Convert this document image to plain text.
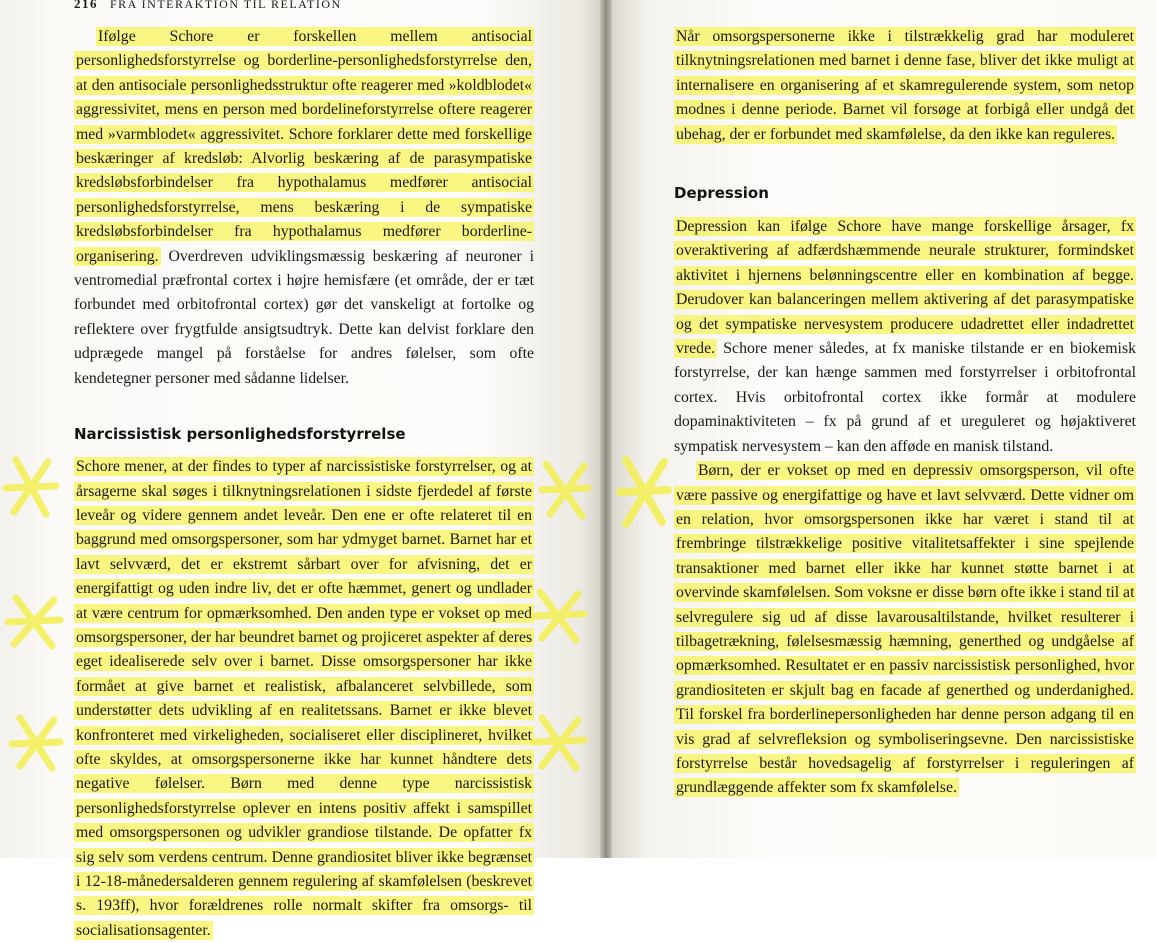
216 FRA INTERAKTION TIL RELATION

Ifølge Schore er forskellen mellem antisocial personlighedsforstyrrelse og borderline-personlighedsforstyrrelse den, at den antisociale personlighedsstruktur ofte reagerer med »koldblodet« aggressivitet, mens en person med bordelineforstyrrelse oftere reagerer med »varmblodet« aggressivitet. Schore forklarer dette med forskellige beskæringer af kredsløb: Alvorlig beskæring af de parasympatiske kredsløbsforbindelser fra hypothalamus medfører antisocial personlighedsforstyrrelse, mens beskæring i de sympatiske kredsløbsforbindelser fra hypothalamus medfører borderline-organisering. Overdreven udviklingsmæssig beskæring af neuroner i ventromedial præfrontal cortex i højre hemisfære (et område, der er tæt forbundet med orbitofrontal cortex) gør det vanskeligt at fortolke og reflektere over frygtfulde ansigtsudtryk. Dette kan delvist forklare den udprægede mangel på forståelse for andres følelser, som ofte kendetegner personer med sådanne lidelser.

Narcissistisk personlighedsforstyrrelse

Schore mener, at der findes to typer af narcissistiske forstyrrelser, og at årsagerne skal søges i tilknytningsrelationen i sidste fjerdedel af første leveår og videre gennem andet leveår. Den ene er ofte relateret til en baggrund med omsorgspersoner, som har ydmyget barnet. Barnet har et lavt selvværd, det er ekstremt sårbart over for afvisning, det er energifattigt og uden indre liv, det er ofte hæmmet, genert og undlader at være centrum for opmærksomhed. Den anden type er vokset op med omsorgspersoner, der har beundret barnet og projiceret aspekter af deres eget idealiserede selv over i barnet. Disse omsorgspersoner har ikke formået at give barnet et realistisk, afbalanceret selvbillede, som understøtter dets udvikling af en realitetssans. Barnet er ikke blevet konfronteret med virkeligheden, socialiseret eller disciplineret, hvilket ofte skyldes, at omsorgspersonerne ikke har kunnet håndtere dets negative følelser. Børn med denne type narcissistisk personlighedsforstyrrelse oplever en intens positiv affekt i samspillet med omsorgspersonen og udvikler grandiose tilstande. De opfatter fx sig selv som verdens centrum. Denne grandiositet bliver ikke begrænset i 12-18-månedersalderen gennem regulering af skamfølelsen (beskrevet s. 193ff), hvor forældrenes rolle normalt skifter fra omsorgs- til socialisationsagenter.

Når omsorgspersonerne ikke i tilstrækkelig grad har moduleret tilknytningsrelationen med barnet i denne fase, bliver det ikke muligt at internalisere en organisering af et skamregulerende system, som netop modnes i denne periode. Barnet vil forsøge at forbigå eller undgå det ubehag, der er forbundet med skamfølelse, da den ikke kan reguleres.

Depression

Depression kan ifølge Schore have mange forskellige årsager, fx overaktivering af adfærdshæmmende neurale strukturer, formindsket aktivitet i hjernens belønningscentre eller en kombination af begge. Derudover kan balanceringen mellem aktivering af det parasympatiske og det sympatiske nervesystem producere udadrettet eller indadrettet vrede. Schore mener således, at fx maniske tilstande er en biokemisk forstyrrelse, der kan hænge sammen med forstyrrelser i orbitofrontal cortex. Hvis orbitofrontal cortex ikke formår at modulere dopaminaktiviteten – fx på grund af et ureguleret og højaktiveret sympatisk nervesystem – kan den afføde en manisk tilstand.

Børn, der er vokset op med en depressiv omsorgsperson, vil ofte være passive og energifattige og have et lavt selvværd. Dette vidner om en relation, hvor omsorgspersonen ikke har været i stand til at frembringe tilstrækkelige positive vitalitetsaffekter i sine spejlende transaktioner med barnet eller ikke har kunnet støtte barnet i at overvinde skamfølelsen. Som voksne er disse børn ofte ikke i stand til at selvregulere sig ud af disse lavarousaltilstande, hvilket resulterer i tilbagetrækning, følelsesmæssig hæmning, generthed og undgåelse af opmærksomhed. Resultatet er en passiv narcissistisk personlighed, hvor grandiositeten er skjult bag en facade af generthed og underdanighed. Til forskel fra borderlinepersonligheden har denne person adgang til en vis grad af selvrefleksion og symboliseringsevne. Den narcissistiske forstyrrelse består hovedsagelig af forstyrrelser i reguleringen af grundlæggende affekter som fx skamfølelse.
